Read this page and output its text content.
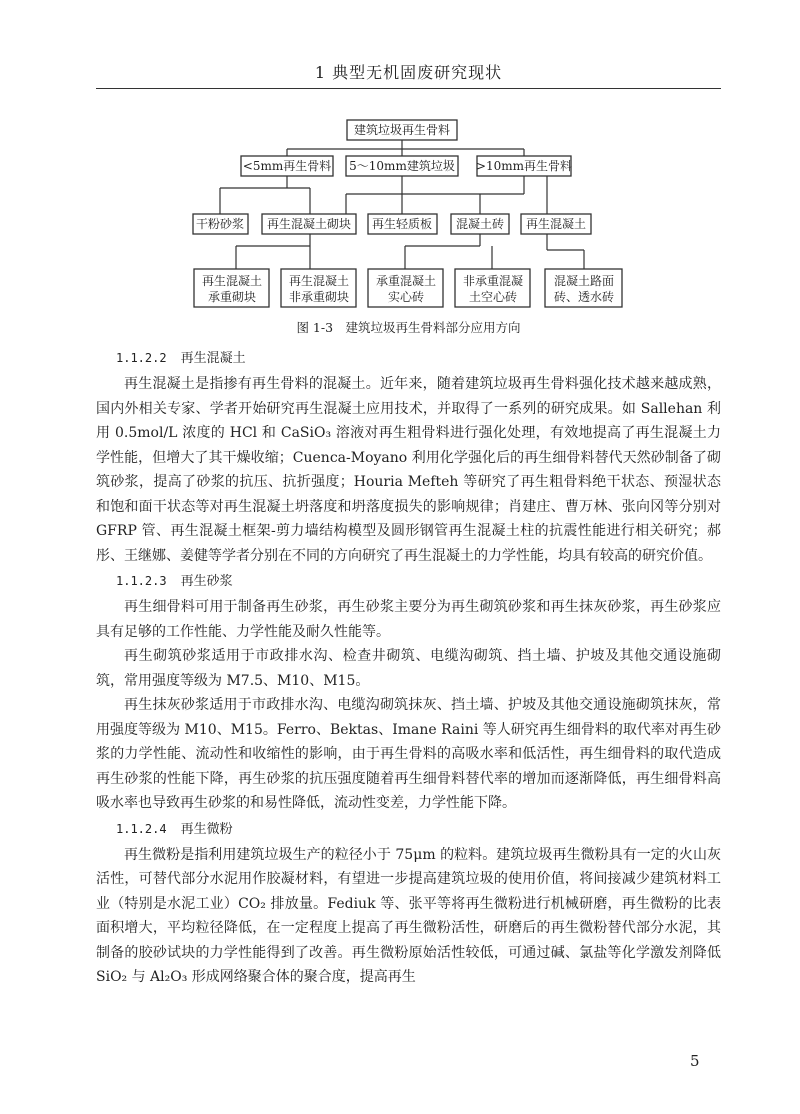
1 典型无机固废研究现状
建筑垃圾再生骨料
<5mm再生骨料 5～10mm建筑垃圾 >10mm再生骨料
干粉砂浆 再生混凝土砌块 再生轻质板 混凝土砖 再生混凝土
再生混凝土
承重砌块
再生混凝土
非承重砌块
承重混凝土
实心砖
非承重混凝
土空心砖
混凝土路面
砖、透水砖
图 1-3　建筑垃圾再生骨料部分应用方向

1.1.2.2 再生混凝土

再生混凝土是指掺有再生骨料的混凝土。近年来，随着建筑垃圾再生骨料强化技术越来越成熟，国内外相关专家、学者开始研究再生混凝土应用技术，并取得了一系列的研究成果。如 Sallehan 利用 0.5mol/L 浓度的 HCl 和 CaSiO₃ 溶液对再生粗骨料进行强化处理，有效地提高了再生混凝土力学性能，但增大了其干燥收缩；Cuenca-Moyano 利用化学强化后的再生细骨料替代天然砂制备了砌筑砂浆，提高了砂浆的抗压、抗折强度；Houria Mefteh 等研究了再生粗骨料绝干状态、预湿状态和饱和面干状态等对再生混凝土坍落度和坍落度损失的影响规律；肖建庄、曹万林、张向冈等分别对 GFRP 管、再生混凝土框架-剪力墙结构模型及圆形钢管再生混凝土柱的抗震性能进行相关研究；郝彤、王继娜、姜健等学者分别在不同的方向研究了再生混凝土的力学性能，均具有较高的研究价值。

1.1.2.3 再生砂浆

再生细骨料可用于制备再生砂浆，再生砂浆主要分为再生砌筑砂浆和再生抹灰砂浆，再生砂浆应具有足够的工作性能、力学性能及耐久性能等。

再生砌筑砂浆适用于市政排水沟、检查井砌筑、电缆沟砌筑、挡土墙、护坡及其他交通设施砌筑，常用强度等级为 M7.5、M10、M15。

再生抹灰砂浆适用于市政排水沟、电缆沟砌筑抹灰、挡土墙、护坡及其他交通设施砌筑抹灰，常用强度等级为 M10、M15。Ferro、Bektas、Imane Raini 等人研究再生细骨料的取代率对再生砂浆的力学性能、流动性和收缩性的影响，由于再生骨料的高吸水率和低活性，再生细骨料的取代造成再生砂浆的性能下降，再生砂浆的抗压强度随着再生细骨料替代率的增加而逐渐降低，再生细骨料高吸水率也导致再生砂浆的和易性降低，流动性变差，力学性能下降。

1.1.2.4 再生微粉

再生微粉是指利用建筑垃圾生产的粒径小于 75μm 的粒料。建筑垃圾再生微粉具有一定的火山灰活性，可替代部分水泥用作胶凝材料，有望进一步提高建筑垃圾的使用价值，将间接减少建筑材料工业（特别是水泥工业）CO₂ 排放量。Fediuk 等、张平等将再生微粉进行机械研磨，再生微粉的比表面积增大，平均粒径降低，在一定程度上提高了再生微粉活性，研磨后的再生微粉替代部分水泥，其制备的胶砂试块的力学性能得到了改善。再生微粉原始活性较低，可通过碱、氯盐等化学激发剂降低 SiO₂ 与 Al₂O₃ 形成网络聚合体的聚合度，提高再生

5
